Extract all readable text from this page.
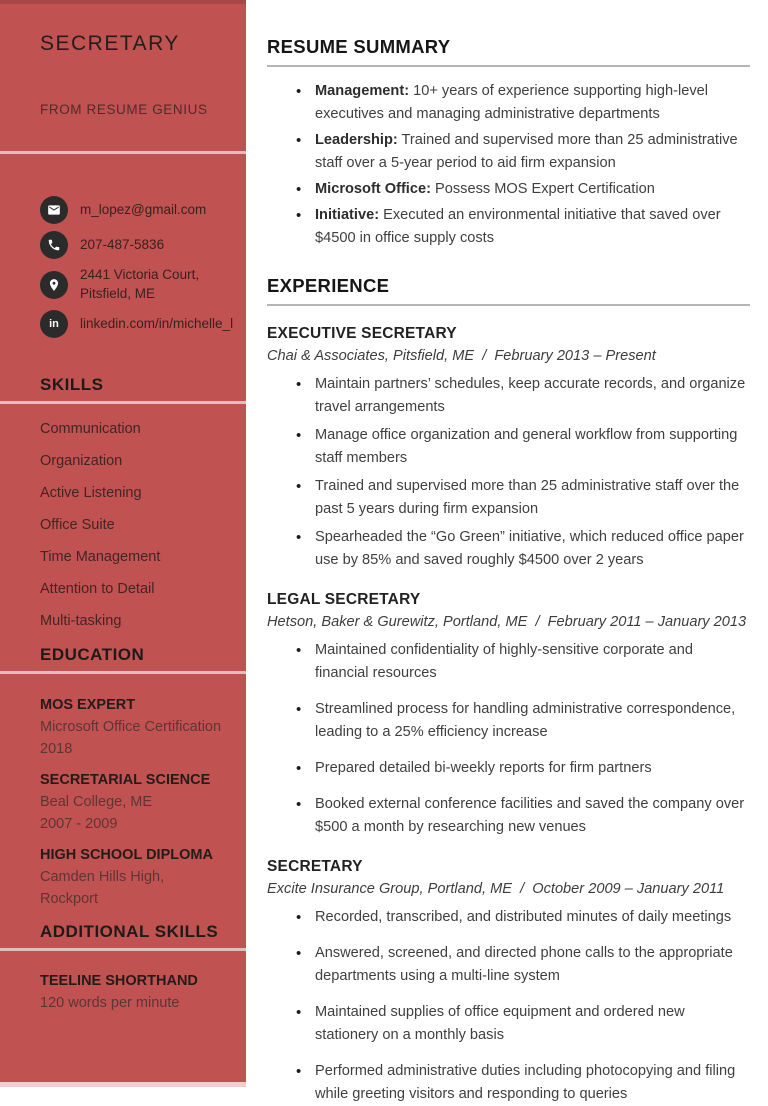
SECRETARY
FROM RESUME GENIUS
m_lopez@gmail.com
207-487-5836
2441 Victoria Court,
Pitsfield, ME
in linkedin.com/in/michelle_l
SKILLS
Communication
Organization
Active Listening
Office Suite
Time Management
Attention to Detail
Multi-tasking
EDUCATION
MOS EXPERT
Microsoft Office Certification
2018
SECRETARIAL SCIENCE
Beal College, ME
2007 - 2009
HIGH SCHOOL DIPLOMA
Camden Hills High, Rockport
ADDITIONAL SKILLS
TEELINE SHORTHAND
120 words per minute
RESUME SUMMARY
• Management: 10+ years of experience supporting high-level executives and managing administrative departments
• Leadership: Trained and supervised more than 25 administrative staff over a 5-year period to aid firm expansion
• Microsoft Office: Possess MOS Expert Certification
• Initiative: Executed an environmental initiative that saved over $4500 in office supply costs
EXPERIENCE
EXECUTIVE SECRETARY
Chai & Associates, Pitsfield, ME  /  February 2013 – Present
• Maintain partners’ schedules, keep accurate records, and organize travel arrangements
• Manage office organization and general workflow from supporting staff members
• Trained and supervised more than 25 administrative staff over the past 5 years during firm expansion
• Spearheaded the “Go Green” initiative, which reduced office paper use by 85% and saved roughly $4500 over 2 years
LEGAL SECRETARY
Hetson, Baker & Gurewitz, Portland, ME  /  February 2011 – January 2013
• Maintained confidentiality of highly-sensitive corporate and financial resources
• Streamlined process for handling administrative correspondence, leading to a 25% efficiency increase
• Prepared detailed bi-weekly reports for firm partners
• Booked external conference facilities and saved the company over $500 a month by researching new venues
SECRETARY
Excite Insurance Group, Portland, ME  /  October 2009 – January 2011
• Recorded, transcribed, and distributed minutes of daily meetings
• Answered, screened, and directed phone calls to the appropriate departments using a multi-line system
• Maintained supplies of office equipment and ordered new stationery on a monthly basis
• Performed administrative duties including photocopying and filing while greeting visitors and responding to queries
